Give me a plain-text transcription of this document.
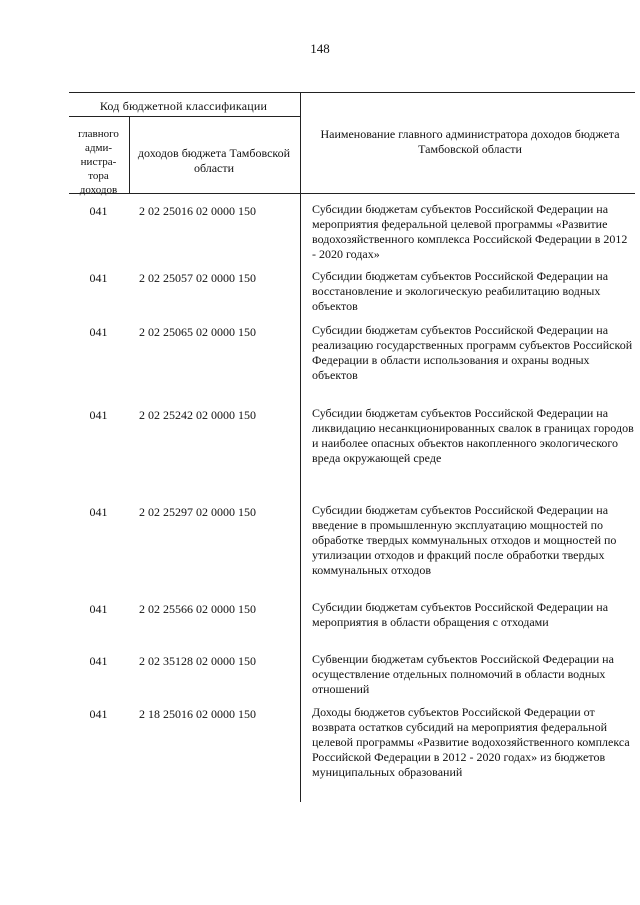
148
Код бюджетной классификации
главного адми-нистра-тора доходов
доходов бюджета Тамбовской области
Наименование главного администратора доходов бюджета Тамбовской области
041	2 02 25016 02 0000 150	Субсидии бюджетам субъектов Российской Федерации на мероприятия федеральной целевой программы «Развитие водохозяйственного комплекса Российской Федерации в 2012 - 2020 годах»
041	2 02 25057 02 0000 150	Субсидии бюджетам субъектов Российской Федерации на восстановление и экологическую реабилитацию водных объектов
041	2 02 25065 02 0000 150	Субсидии бюджетам субъектов Российской Федерации на реализацию государственных программ субъектов Российской Федерации в области использования и охраны водных объектов
041	2 02 25242 02 0000 150	Субсидии бюджетам субъектов Российской Федерации на ликвидацию несанкционированных свалок в границах городов и наиболее опасных объектов накопленного экологического вреда окружающей среде
041	2 02 25297 02 0000 150	Субсидии бюджетам субъектов Российской Федерации на введение в промышленную эксплуатацию мощностей по обработке твердых коммунальных отходов и мощностей по утилизации отходов и фракций после обработки твердых коммунальных отходов
041	2 02 25566 02 0000 150	Субсидии бюджетам субъектов Российской Федерации на мероприятия в области обращения с отходами
041	2 02 35128 02 0000 150	Субвенции бюджетам субъектов Российской Федерации на осуществление отдельных полномочий в области водных отношений
041	2 18 25016 02 0000 150	Доходы бюджетов субъектов Российской Федерации от возврата остатков субсидий на мероприятия федеральной целевой программы «Развитие водохозяйственного комплекса Российской Федерации в 2012 - 2020 годах» из бюджетов муниципальных образований
